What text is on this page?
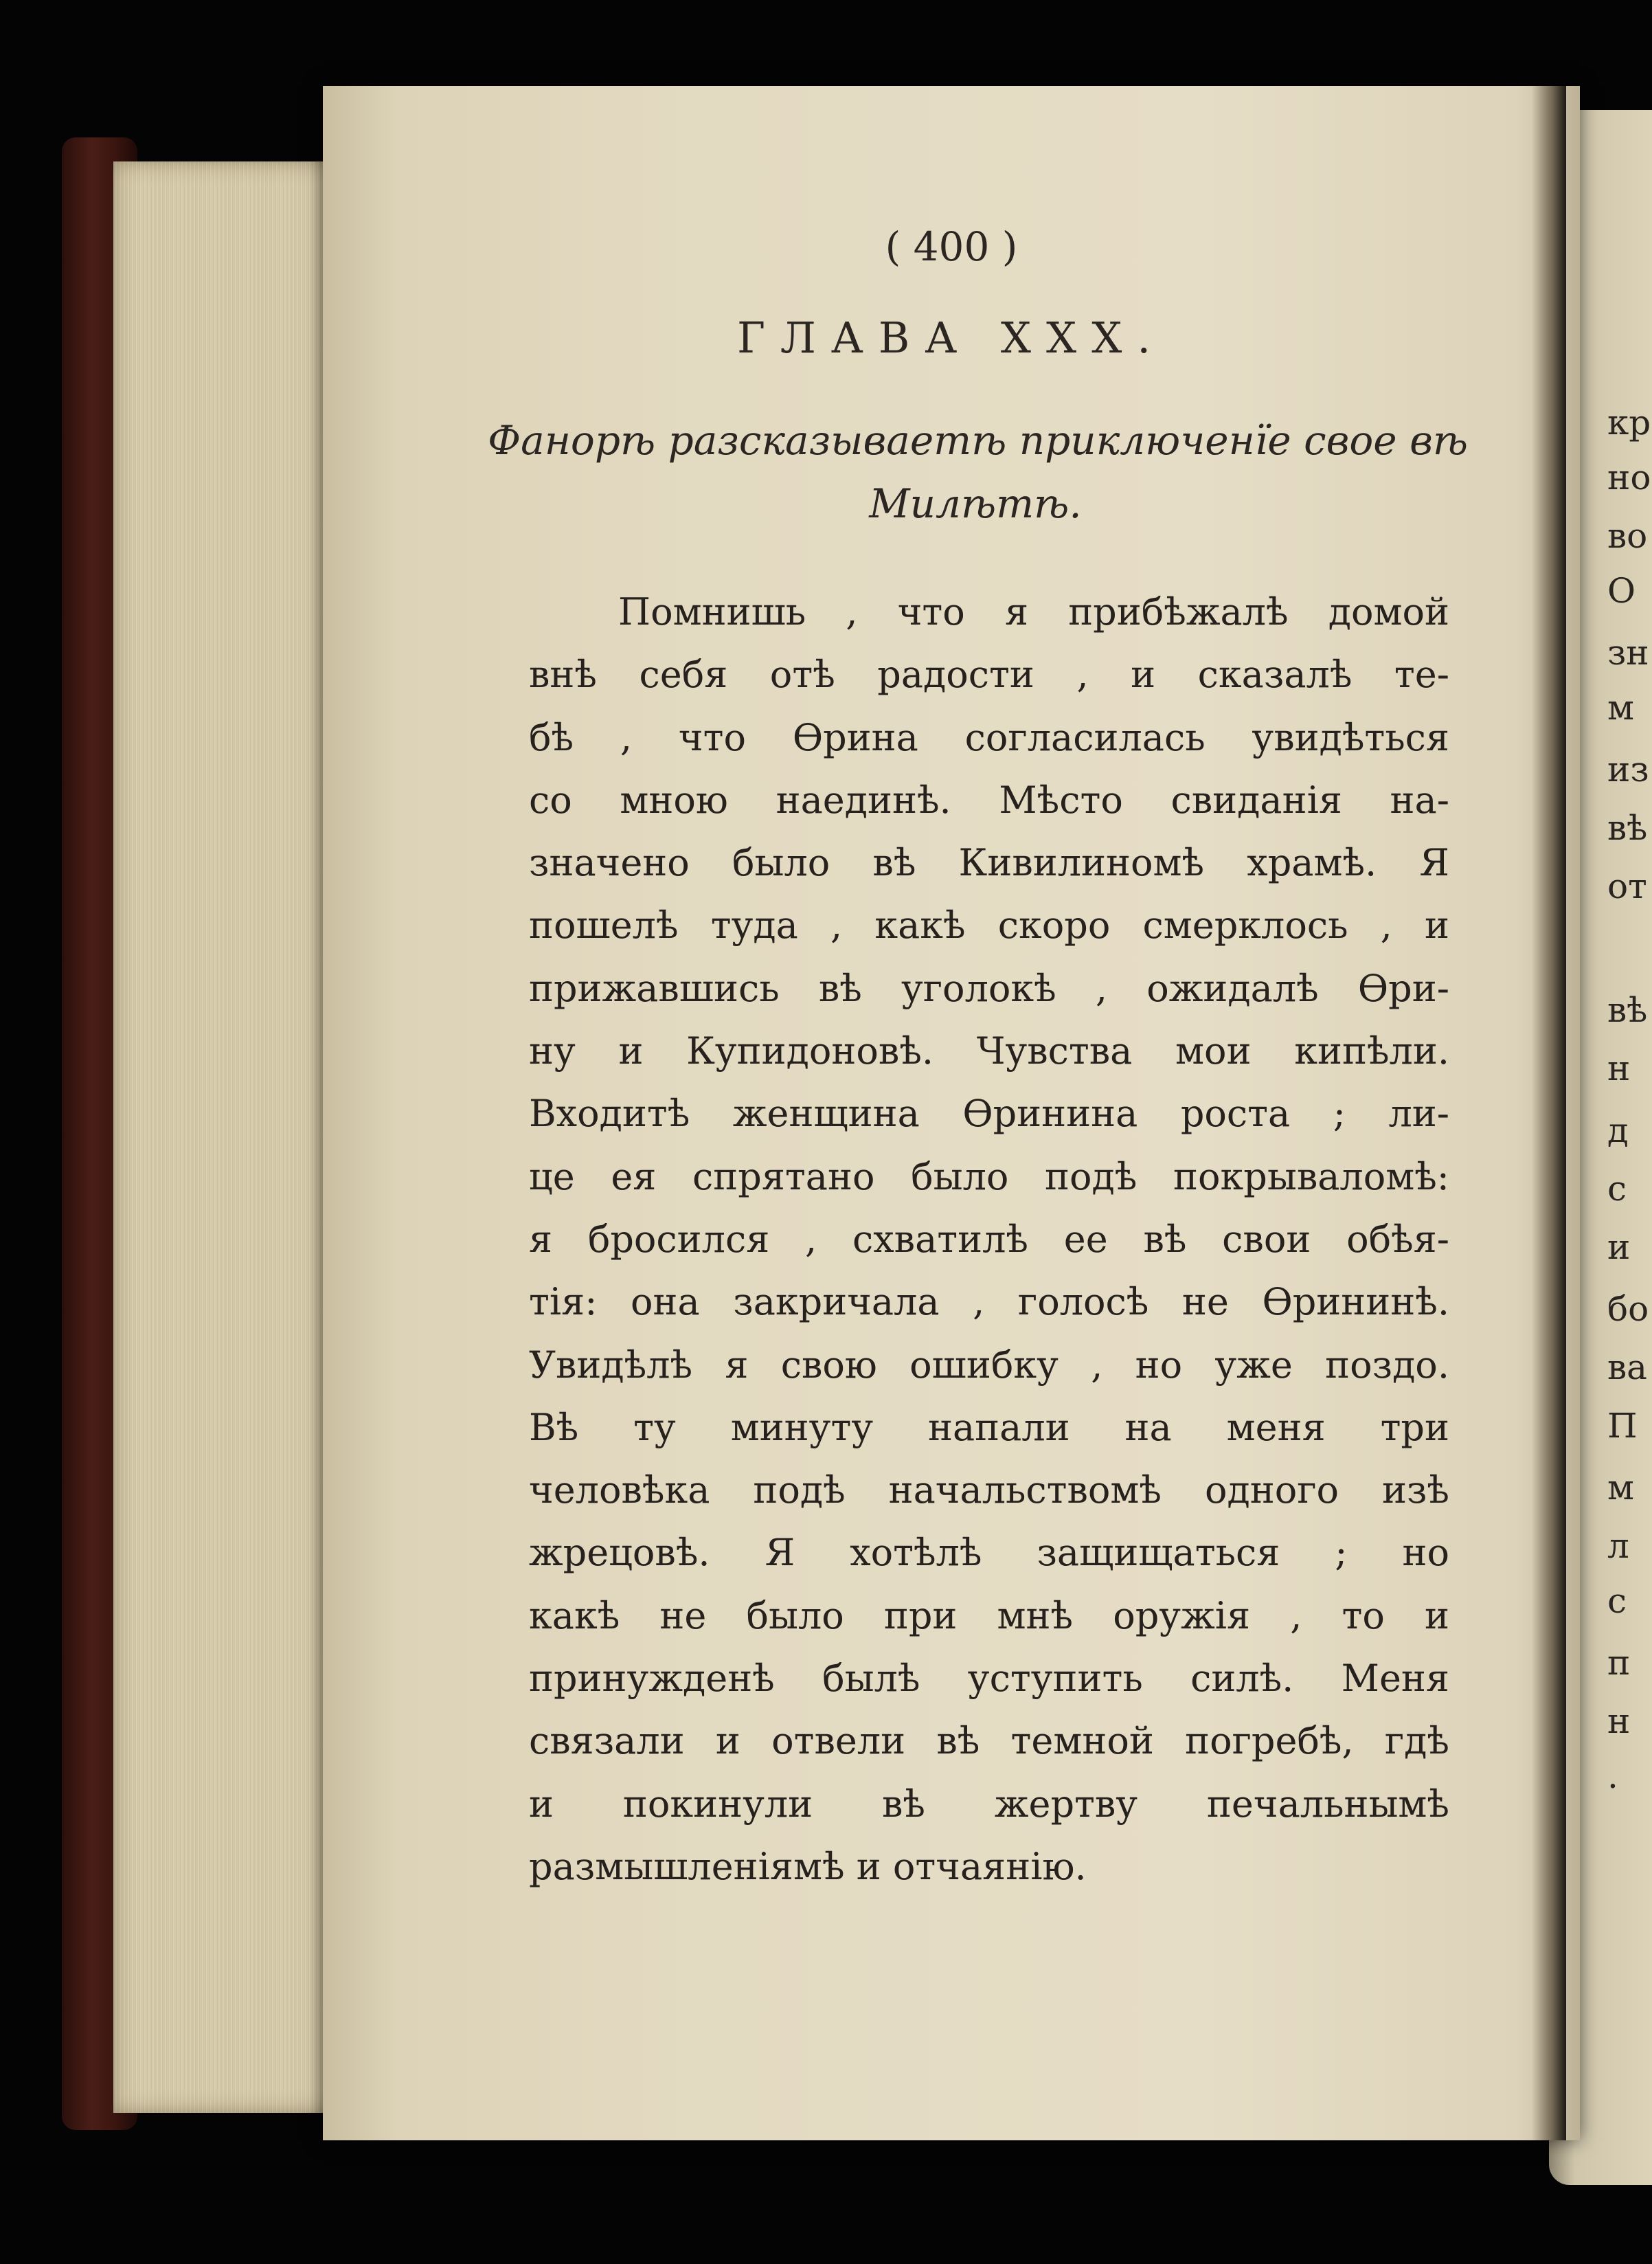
( 400 )
ГЛАВА XXX.
Фанорѣ разсказываетѣ приключенїе свое вѣ
Милѣтѣ.
Помнишь , что я прибѣжалѣ домой
внѣ себя отѣ радости , и сказалѣ те-
бѣ , что Өрина согласилась увидѣться
со мною наединѣ. Мѣсто свиданія на-
значено было вѣ Кивилиномѣ храмѣ. Я
пошелѣ туда , какѣ скоро смерклось , и
прижавшись вѣ уголокѣ , ожидалѣ Өри-
ну и Купидоновѣ. Чувства мои кипѣли.
Входитѣ женщина Өринина роста ; ли-
це ея спрятано было подѣ покрываломѣ:
я бросился , схватилѣ ее вѣ свои обѣя-
тія: она закричала , голосѣ не Өрининѣ.
Увидѣлѣ я свою ошибку , но уже поздо.
Вѣ ту минуту напали на меня три
человѣка подѣ начальствомѣ одного изѣ
жрецовѣ. Я хотѣлѣ защищаться ; но
какѣ не было при мнѣ оружія , то и
принужденѣ былѣ уступить силѣ. Меня
связали и отвели вѣ темной погребѣ, гдѣ
и покинули вѣ жертву печальнымѣ
размышленіямѣ и отчаянію.
кр
но
во
О
зн
м
из
вѣ
от
вѣ
н
д
с
и
бо
ва
П
м
л
с
п
н
.
